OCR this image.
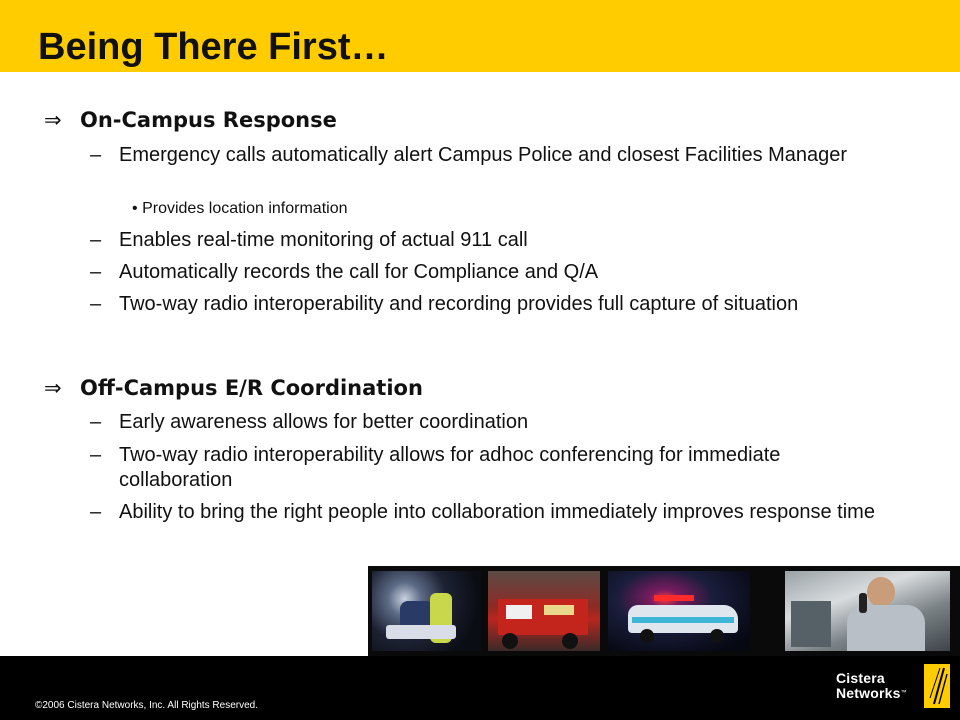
Being There First…
⇒ On-Campus Response
– Emergency calls automatically alert Campus Police and closest Facilities Manager
• Provides location information
– Enables real-time monitoring of actual 911 call
– Automatically records the call for Compliance and Q/A
– Two-way radio interoperability and recording provides full capture of situation
⇒ Off-Campus E/R Coordination
– Early awareness allows for better coordination
– Two-way radio interoperability allows for adhoc conferencing for immediate collaboration
– Ability to bring the right people into collaboration immediately improves response time
©2006 Cistera Networks, Inc. All Rights Reserved.
Cistera
Networks™
